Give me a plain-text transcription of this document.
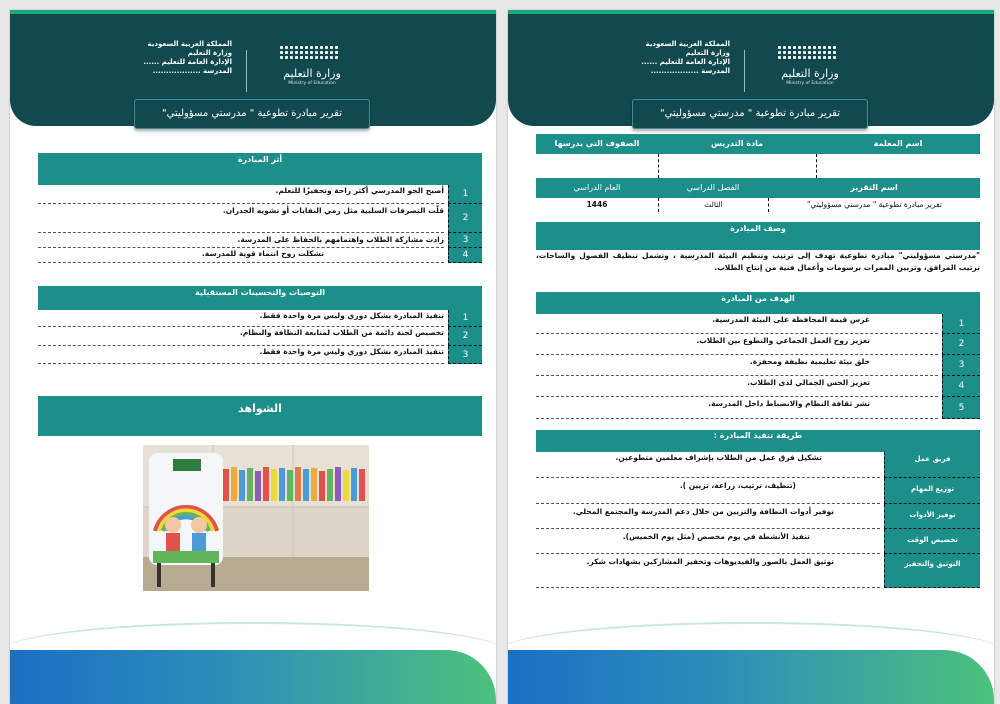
المملكة العربية السعودية
وزارة التعليم
الإدارة العامة للتعليم ......
المدرسة ..................	وزارة التعليم
Ministry of Education
تقرير مبادرة تطوعية " مدرستي مسؤوليتي"
أثر المبادرة
1
أصبح الجو المدرسي أكثر راحة وتحفيزًا للتعلم.
2
قلّت التصرفات السلبية مثل رمي النفايات أو تشويه الجدران.
3
زادت مشاركة الطلاب واهتمامهم بالحفاظ على المدرسة.
4
تشكلت روح انتماء قوية للمدرسة.
التوصيات والتحسينات المستقبلية
1
تنفيذ المبادرة بشكل دوري وليس مرة واحدة فقط.
2
تخصيص لجنة دائمة من الطلاب لمتابعة النظافة والنظام.
3
تنفيذ المبادرة بشكل دوري وليس مرة واحدة فقط.
الشواهد
المملكة العربية السعودية
وزارة التعليم
الإدارة العامة للتعليم ......
المدرسة ..................	وزارة التعليم
Ministry of Education
تقرير مبادرة تطوعية " مدرستي مسؤوليتي"
اسم المعلمة
مادة التدريس
الصفوف التي يدرسها
اسم التقرير
الفصل الدراسي
العام الدراسي
تقرير مبادرة تطوعية " مدرستي مسؤوليتي"
الثالث
1446
وصف المبادرة
"مدرستي مسؤوليتي" مبادرة تطوعية تهدف إلى ترتيب وتنظيم البيئة المدرسية ، وتشمل تنظيف الفصول والساحات، ترتيب المرافق، وتزيين الممرات برسومات وأعمال فنية من إنتاج الطلاب.
الهدف من المبادرة
1
غرس قيمة المحافظة على البيئة المدرسية.
2
تعزيز روح العمل الجماعي والتطوع بين الطلاب.
3
خلق بيئة تعليمية نظيفة ومحفزة.
4
تعزيز الحس الجمالي لدى الطلاب.
5
نشر ثقافة النظام والانضباط داخل المدرسة.
طريقة تنفيذ المبادرة :
فريق عمل
تشكيل فرق عمل من الطلاب بإشراف معلمين متطوعين.
توزيع المهام
(تنظيف، ترتيب، زراعة، تزيين ).
توفير الأدوات
توفير أدوات النظافة والتزيين من خلال دعم المدرسة والمجتمع المحلي.
تخصيص الوقت
تنفيذ الأنشطة في يوم مخصص (مثل يوم الخميس).
التوثيق والتحفيز
توثيق العمل بالصور والفيديوهات وتحفيز المشاركين بشهادات شكر.
